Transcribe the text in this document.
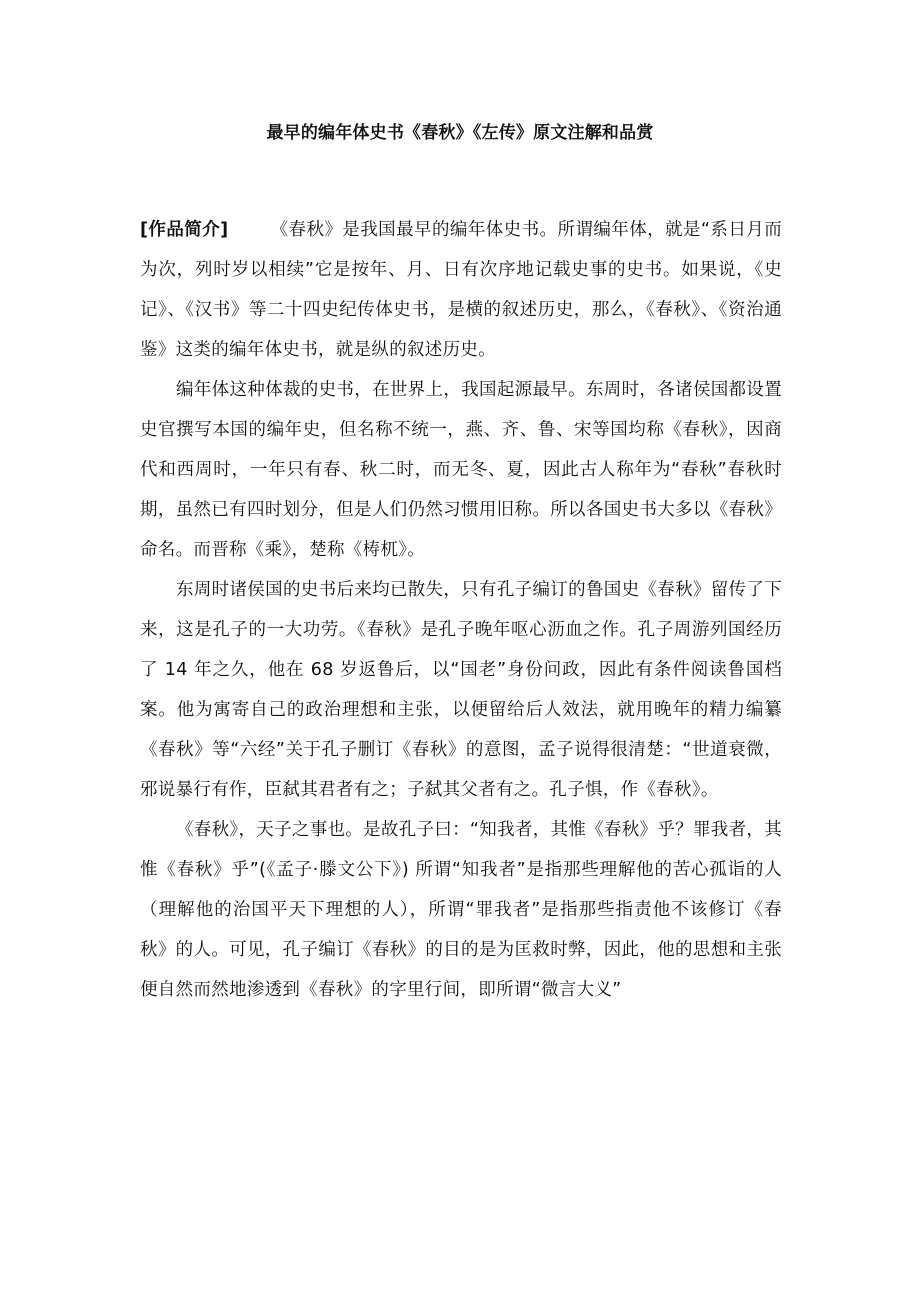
最早的编年体史书《春秋》《左传》原文注解和品赏

[作品简介] 《春秋》是我国最早的编年体史书。所谓编年体，就是“系日月而为次，列时岁以相续”它是按年、月、日有次序地记载史事的史书。如果说，《史记》、《汉书》等二十四史纪传体史书，是横的叙述历史，那么，《春秋》、《资治通鉴》这类的编年体史书，就是纵的叙述历史。

编年体这种体裁的史书，在世界上，我国起源最早。东周时，各诸侯国都设置史官撰写本国的编年史，但名称不统一，燕、齐、鲁、宋等国均称《春秋》，因商代和西周时，一年只有春、秋二时，而无冬、夏，因此古人称年为“春秋”春秋时期，虽然已有四时划分，但是人们仍然习惯用旧称。所以各国史书大多以《春秋》命名。而晋称《乘》，楚称《梼杌》。

东周时诸侯国的史书后来均已散失，只有孔子编订的鲁国史《春秋》留传了下来，这是孔子的一大功劳。《春秋》是孔子晚年呕心沥血之作。孔子周游列国经历了 14 年之久，他在 68 岁返鲁后，以“国老”身份问政，因此有条件阅读鲁国档案。他为寓寄自己的政治理想和主张，以便留给后人效法，就用晚年的精力编纂《春秋》等“六经”关于孔子删订《春秋》的意图，孟子说得很清楚：“世道衰微，邪说暴行有作，臣弑其君者有之；子弑其父者有之。孔子惧，作《春秋》。

《春秋》，天子之事也。是故孔子曰：“知我者，其惟《春秋》乎？罪我者，其惟《春秋》乎”(《孟子·滕文公下》) 所谓“知我者”是指那些理解他的苦心孤诣的人（理解他的治国平天下理想的人），所谓“罪我者”是指那些指责他不该修订《春秋》的人。可见，孔子编订《春秋》的目的是为匡救时弊，因此，他的思想和主张便自然而然地渗透到《春秋》的字里行间，即所谓“微言大义”
